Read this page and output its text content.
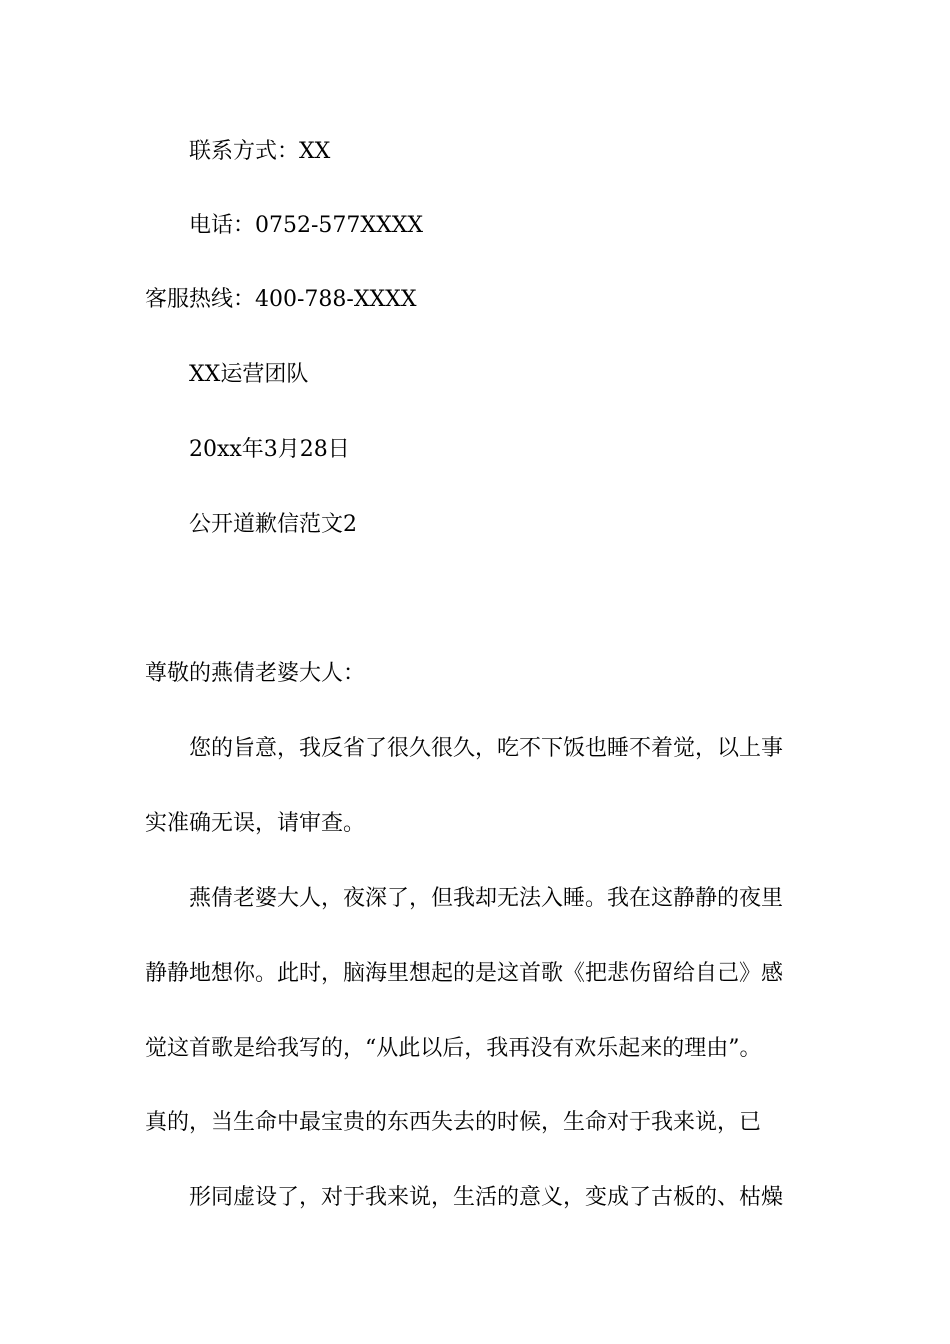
联系方式：XX
电话：0752-577XXXX
客服热线：400-788-XXXX
XX运营团队
20xx年3月28日
公开道歉信范文2
尊敬的燕倩老婆大人：
您的旨意，我反省了很久很久，吃不下饭也睡不着觉，以上事
实准确无误，请审查。
燕倩老婆大人，夜深了，但我却无法入睡。我在这静静的夜里
静静地想你。此时，脑海里想起的是这首歌《把悲伤留给自己》感
觉这首歌是给我写的，“从此以后，我再没有欢乐起来的理由”。
真的，当生命中最宝贵的东西失去的时候，生命对于我来说，已
形同虚设了，对于我来说，生活的意义，变成了古板的、枯燥
